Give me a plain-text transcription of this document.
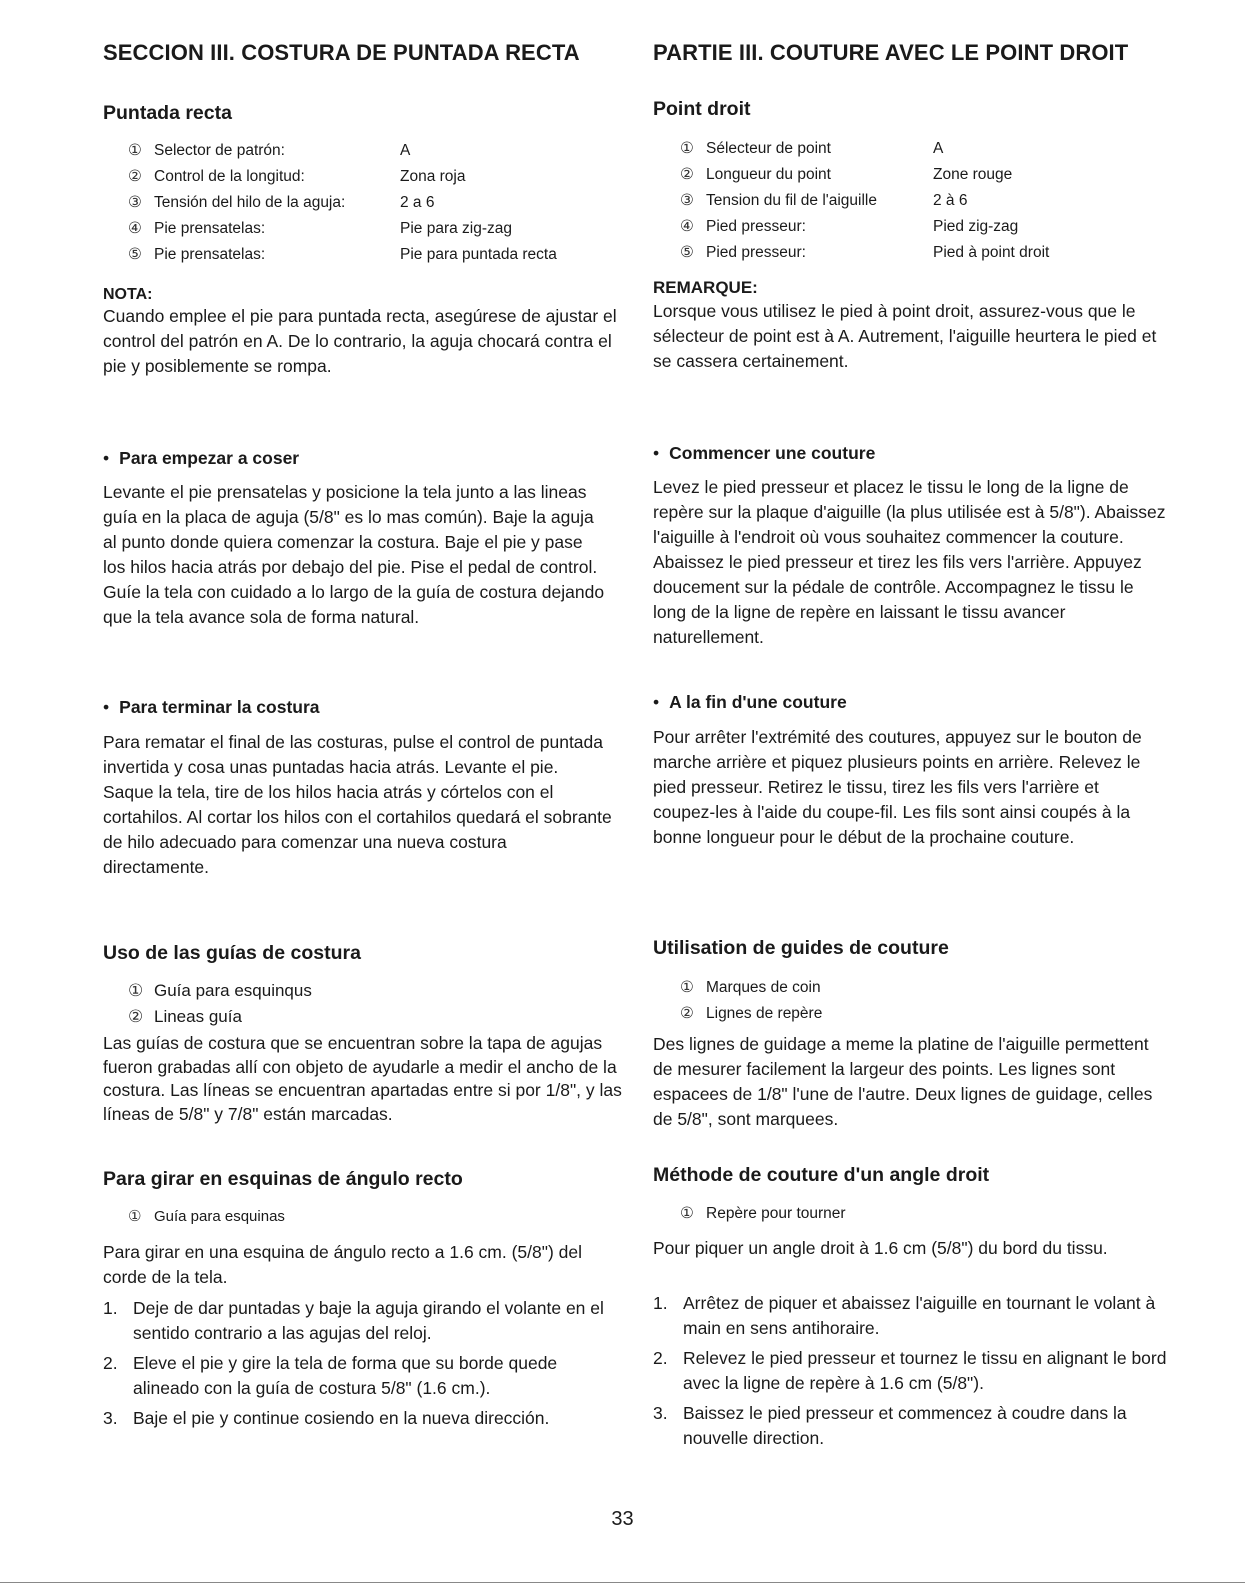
SECCION III. COSTURA DE PUNTADA RECTA	PARTIE III. COUTURE AVEC LE POINT DROIT
Puntada recta
① Selector de patrón:	A
② Control de la longitud:	Zona roja
③ Tensión del hilo de la aguja:	2 a 6
④ Pie prensatelas:	Pie para zig-zag
⑤ Pie prensatelas:	Pie para puntada recta
NOTA:

Cuando emplee el pie para puntada recta, asegúrese de ajustar el control del patrón en A. De lo contrario, la aguja chocará contra el pie y posiblemente se rompa.

• Para empezar a coser

Levante el pie prensatelas y posicione la tela junto a las lineas guía en la placa de aguja (5/8" es lo mas común). Baje la aguja al punto donde quiera comenzar la costura. Baje el pie y pase los hilos hacia atrás por debajo del pie. Pise el pedal de control. Guíe la tela con cuidado a lo largo de la guía de costura dejando que la tela avance sola de forma natural.

• Para terminar la costura

Para rematar el final de las costuras, pulse el control de puntada invertida y cosa unas puntadas hacia atrás. Levante el pie. Saque la tela, tire de los hilos hacia atrás y córtelos con el cortahilos. Al cortar los hilos con el cortahilos quedará el sobrante de hilo adecuado para comenzar una nueva costura directamente.

Uso de las guías de costura
① Guía para esquinqus
② Lineas guía

Las guías de costura que se encuentran sobre la tapa de agujas fueron grabadas allí con objeto de ayudarle a medir el ancho de la costura. Las líneas se encuentran apartadas entre si por 1/8", y las líneas de 5/8" y 7/8" están marcadas.

Para girar en esquinas de ángulo recto
① Guía para esquinas

Para girar en una esquina de ángulo recto a 1.6 cm. (5/8") del corde de la tela.

1. Deje de dar puntadas y baje la aguja girando el volante en el sentido contrario a las agujas del reloj.
2. Eleve el pie y gire la tela de forma que su borde quede alineado con la guía de costura 5/8" (1.6 cm.).
3. Baje el pie y continue cosiendo en la nueva dirección.
Point droit
① Sélecteur de point	A
② Longueur du point	Zone rouge
③ Tension du fil de l'aiguille	2 à 6
④ Pied presseur:	Pied zig-zag
⑤ Pied presseur:	Pied à point droit
REMARQUE:

Lorsque vous utilisez le pied à point droit, assurez-vous que le sélecteur de point est à A. Autrement, l'aiguille heurtera le pied et se cassera certainement.

• Commencer une couture

Levez le pied presseur et placez le tissu le long de la ligne de repère sur la plaque d'aiguille (la plus utilisée est à 5/8"). Abaissez l'aiguille à l'endroit où vous souhaitez commencer la couture. Abaissez le pied presseur et tirez les fils vers l'arrière. Appuyez doucement sur la pédale de contrôle. Accompagnez le tissu le long de la ligne de repère en laissant le tissu avancer naturellement.

• A la fin d'une couture

Pour arrêter l'extrémité des coutures, appuyez sur le bouton de marche arrière et piquez plusieurs points en arrière. Relevez le pied presseur. Retirez le tissu, tirez les fils vers l'arrière et coupez-les à l'aide du coupe-fil. Les fils sont ainsi coupés à la bonne longueur pour le début de la prochaine couture.

Utilisation de guides de couture
① Marques de coin
② Lignes de repère

Des lignes de guidage a meme la platine de l'aiguille permettent de mesurer facilement la largeur des points. Les lignes sont espacees de 1/8" l'une de l'autre. Deux lignes de guidage, celles de 5/8", sont marquees.

Méthode de couture d'un angle droit
① Repère pour tourner

Pour piquer un angle droit à 1.6 cm (5/8") du bord du tissu.

1. Arrêtez de piquer et abaissez l'aiguille en tournant le volant à main en sens antihoraire.
2. Relevez le pied presseur et tournez le tissu en alignant le bord avec la ligne de repère à 1.6 cm (5/8").
3. Baissez le pied presseur et commencez à coudre dans la nouvelle direction.
33
